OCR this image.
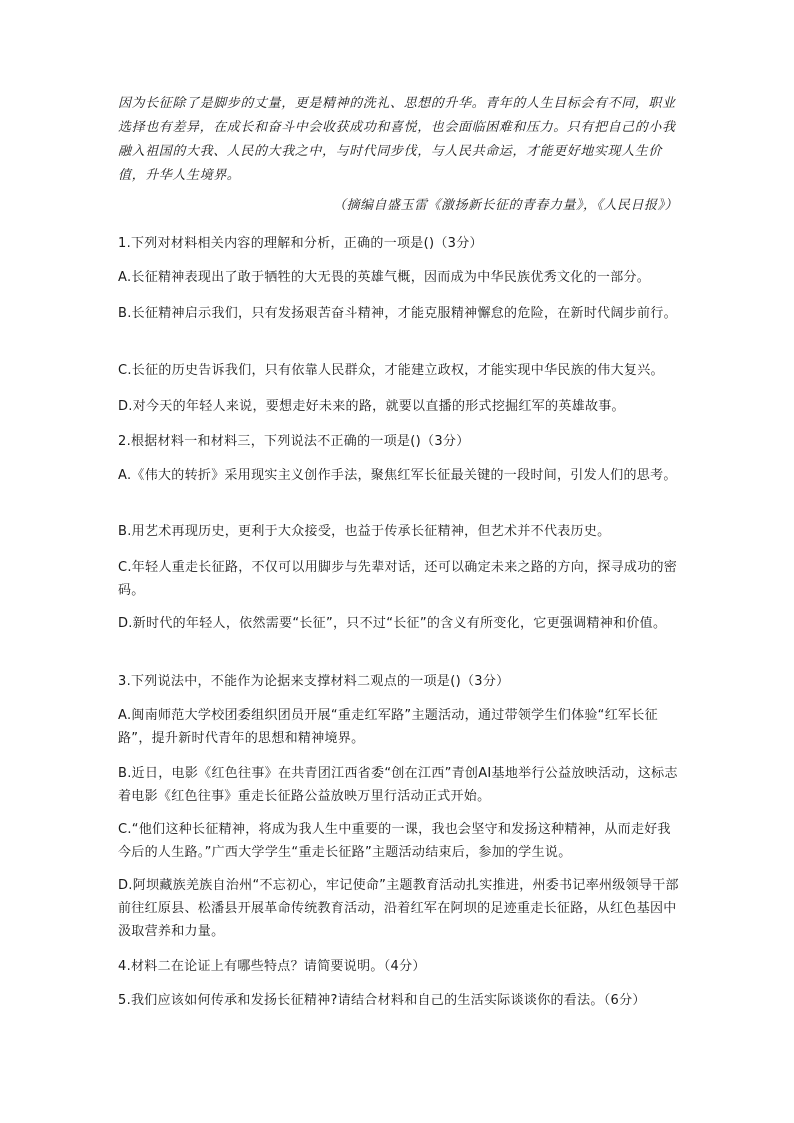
因为长征除了是脚步的丈量，更是精神的洗礼、思想的升华。青年的人生目标会有不同，职业选择也有差异，在成长和奋斗中会收获成功和喜悦，也会面临困难和压力。只有把自己的小我融入祖国的大我、人民的大我之中，与时代同步伐，与人民共命运，才能更好地实现人生价值，升华人生境界。

（摘编自盛玉雷《激扬新长征的青春力量》，《人民日报》）

1.下列对材料相关内容的理解和分析，正确的一项是()（3分）

A.长征精神表现出了敢于牺牲的大无畏的英雄气概，因而成为中华民族优秀文化的一部分。

B.长征精神启示我们，只有发扬艰苦奋斗精神，才能克服精神懈怠的危险，在新时代阔步前行。

C.长征的历史告诉我们，只有依靠人民群众，才能建立政权，才能实现中华民族的伟大复兴。

D.对今天的年轻人来说，要想走好未来的路，就要以直播的形式挖掘红军的英雄故事。

2.根据材料一和材料三，下列说法不正确的一项是()（3分）

A.《伟大的转折》采用现实主义创作手法，聚焦红军长征最关键的一段时间，引发人们的思考。

B.用艺术再现历史，更利于大众接受，也益于传承长征精神，但艺术并不代表历史。

C.年轻人重走长征路，不仅可以用脚步与先辈对话，还可以确定未来之路的方向，探寻成功的密码。

D.新时代的年轻人，依然需要“长征”，只不过“长征”的含义有所变化，它更强调精神和价值。

3.下列说法中，不能作为论据来支撑材料二观点的一项是()（3分）

A.闽南师范大学校团委组织团员开展“重走红军路”主题活动，通过带领学生们体验“红军长征路”，提升新时代青年的思想和精神境界。

B.近日，电影《红色往事》在共青团江西省委“创在江西”青创AI基地举行公益放映活动，这标志着电影《红色往事》重走长征路公益放映万里行活动正式开始。

C.“他们这种长征精神，将成为我人生中重要的一课，我也会坚守和发扬这种精神，从而走好我今后的人生路。”广西大学学生“重走长征路”主题活动结束后，参加的学生说。

D.阿坝藏族羌族自治州“不忘初心，牢记使命”主题教育活动扎实推进，州委书记率州级领导干部前往红原县、松潘县开展革命传统教育活动，沿着红军在阿坝的足迹重走长征路，从红色基因中汲取营养和力量。

4.材料二在论证上有哪些特点？请简要说明。（4分）

5.我们应该如何传承和发扬长征精神?请结合材料和自己的生活实际谈谈你的看法。（6分）
